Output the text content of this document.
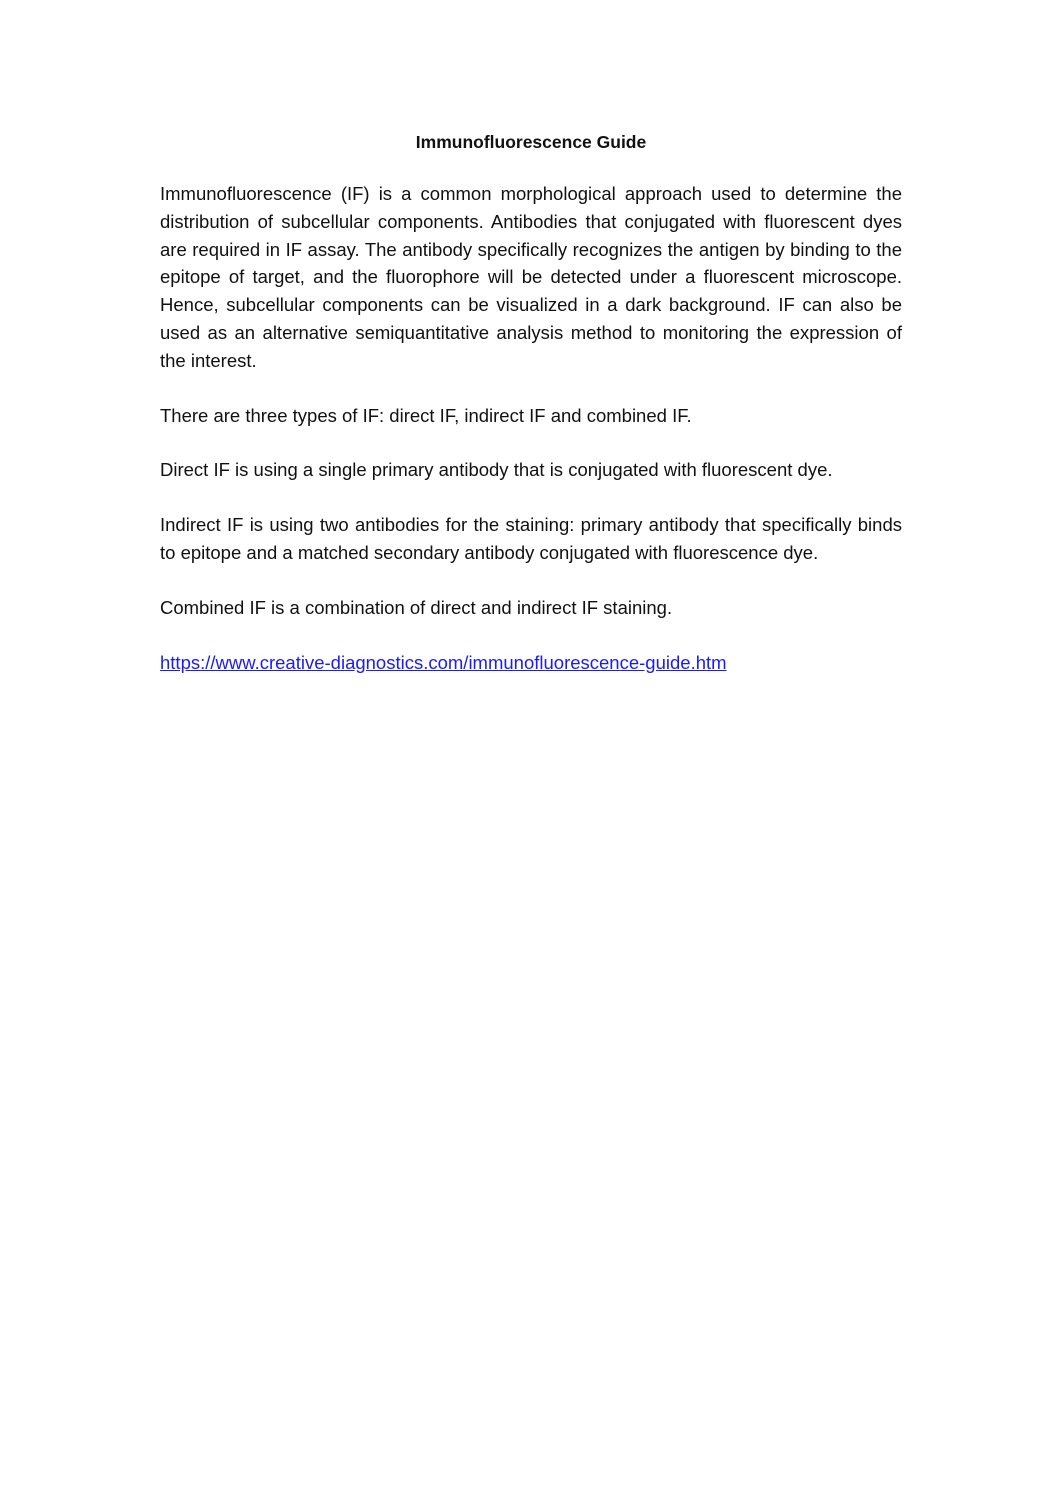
Immunofluorescence Guide

Immunofluorescence (IF) is a common morphological approach used to determine the distribution of subcellular components. Antibodies that conjugated with fluorescent dyes are required in IF assay. The antibody specifically recognizes the antigen by binding to the epitope of target, and the fluorophore will be detected under a fluorescent microscope. Hence, subcellular components can be visualized in a dark background. IF can also be used as an alternative semiquantitative analysis method to monitoring the expression of the interest.

There are three types of IF: direct IF, indirect IF and combined IF.

Direct IF is using a single primary antibody that is conjugated with fluorescent dye.

Indirect IF is using two antibodies for the staining: primary antibody that specifically binds to epitope and a matched secondary antibody conjugated with fluorescence dye.

Combined IF is a combination of direct and indirect IF staining.

https://www.creative-diagnostics.com/immunofluorescence-guide.htm
